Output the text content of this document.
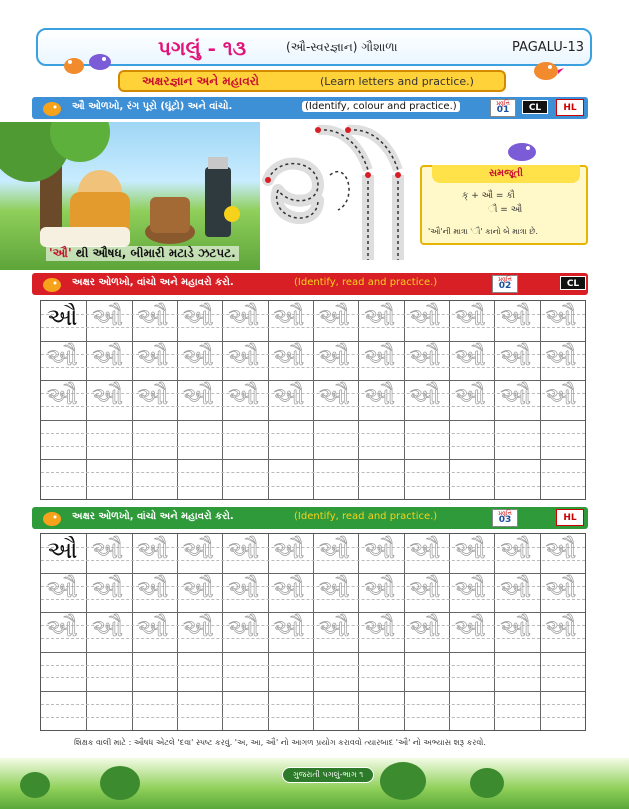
પગલું - ૧૩	(ઔ-સ્વરજ્ઞાન) ગૌશાળા	PAGALU-13
અક્ષરજ્ઞાન અને મહાવરો	(Learn letters and practice.)
ઔ ઓળખો, રંગ પૂરો (ઘૂંટો) અને વાંચો.	(Identify, colour and practice.)	પ્રવૃત્તિ
01	CL	HL
'ઔ' થી ઔષધ, બીમારી મટાડે ઝટપટ.
સમજૂતી
ક્ + ઔ = કૌ
ૌ = ઔ
'ઔ'ની માત્રા 'ૌ' કાનો બે માત્રા છે.
અક્ષર ઓળખો, વાંચો અને મહાવરો કરો.	(Identify, read and practice.)	પ્રવૃત્તિ
02	CL
ઔ ઔ ઔ ઔ ઔ ઔ ઔ ઔ ઔ ઔ ઔ ઔ
ઔ ઔ ઔ ઔ ઔ ઔ ઔ ઔ ઔ ઔ ઔ ઔ
ઔ ઔ ઔ ઔ ઔ ઔ ઔ ઔ ઔ ઔ ઔ ઔ
અક્ષર ઓળખો, વાંચો અને મહાવરો કરો.	(Identify, read and practice.)	પ્રવૃત્તિ
03	HL
ઔ ઔ ઔ ઔ ઔ ઔ ઔ ઔ ઔ ઔ ઔ ઔ
ઔ ઔ ઔ ઔ ઔ ઔ ઔ ઔ ઔ ઔ ઔ ઔ
ઔ ઔ ઔ ઔ ઔ ઔ ઔ ઔ ઔ ઔ ઔ ઔ
શિક્ષક વાલી માટે : ઔષધ એટલે 'દવા' સ્પષ્ટ કરવું. 'અ, આ, ઔ' નો આગળ પ્રયોગ કરાવવો ત્યારબાદ 'ઔ' નો અભ્યાસ શરૂ કરવો.
ગુજરાતી પગલું-ભાગ ૧
